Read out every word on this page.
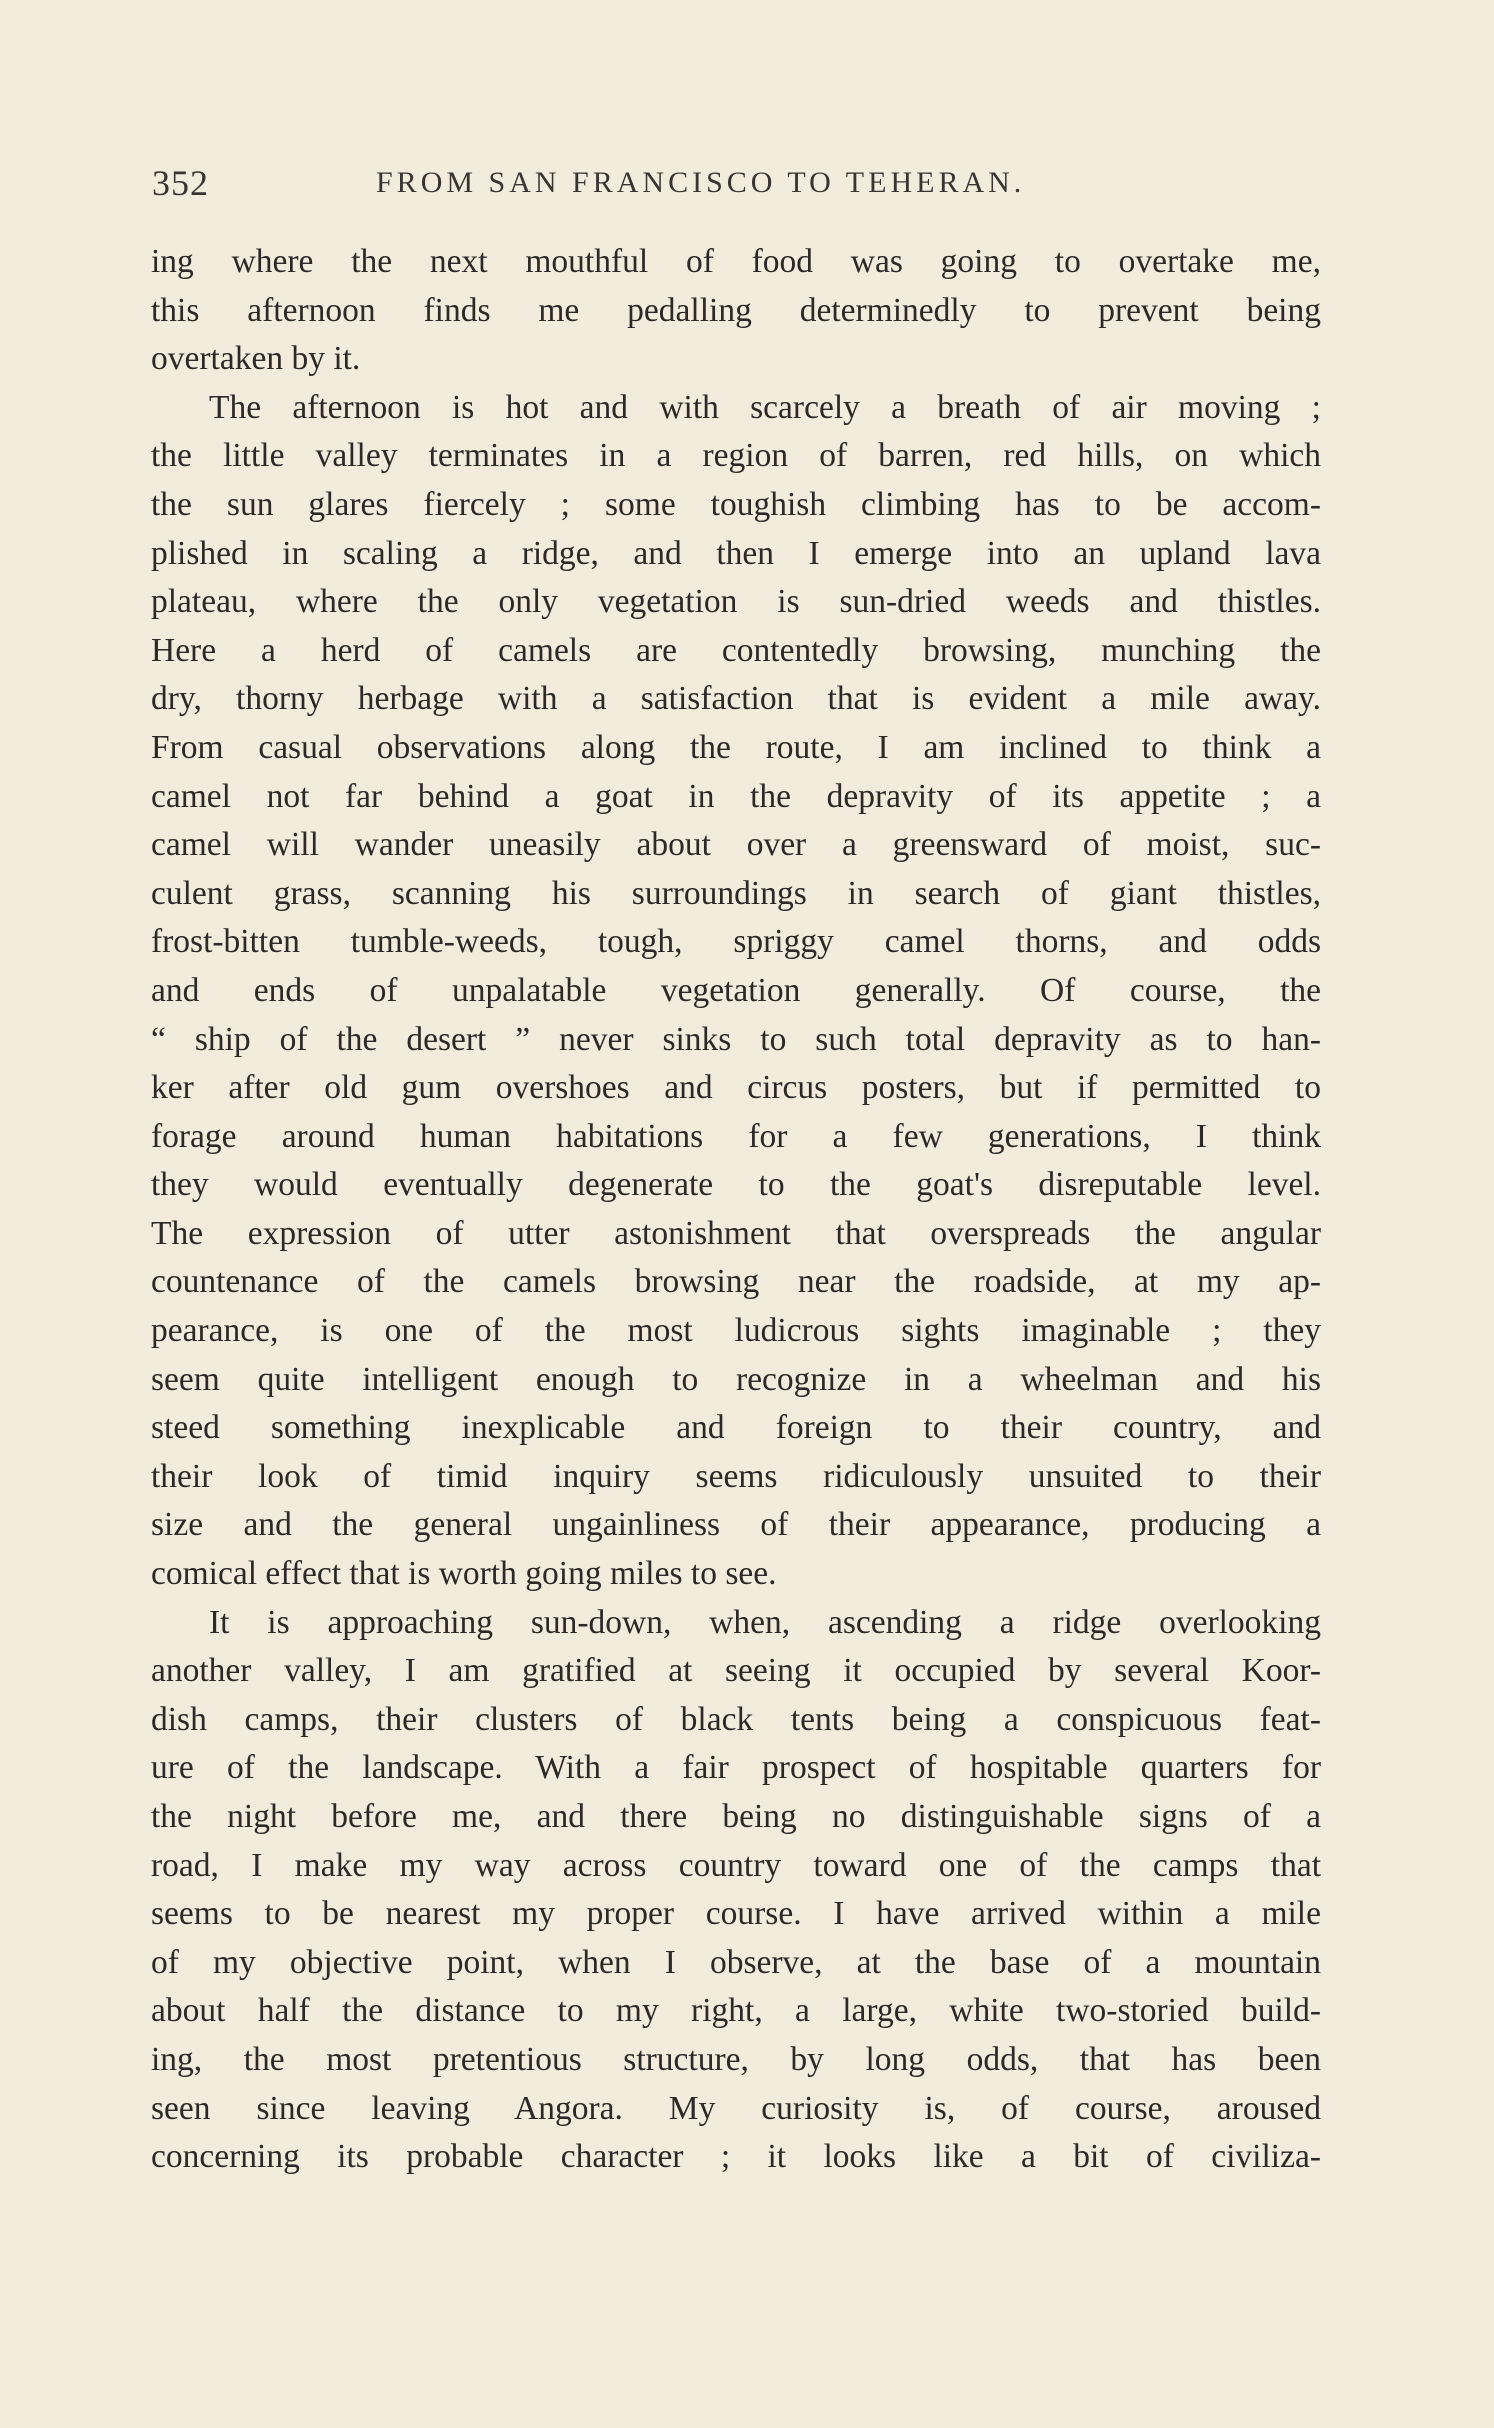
352	FROM SAN FRANCISCO TO TEHERAN.
ing where the next mouthful of food was going to overtake me,
this afternoon finds me pedalling determinedly to prevent being
overtaken by it.
The afternoon is hot and with scarcely a breath of air moving ;
the little valley terminates in a region of barren, red hills, on which
the sun glares fiercely ; some toughish climbing has to be accom-
plished in scaling a ridge, and then I emerge into an upland lava
plateau, where the only vegetation is sun-dried weeds and thistles.
Here a herd of camels are contentedly browsing, munching the
dry, thorny herbage with a satisfaction that is evident a mile away.
From casual observations along the route, I am inclined to think a
camel not far behind a goat in the depravity of its appetite ; a
camel will wander uneasily about over a greensward of moist, suc-
culent grass, scanning his surroundings in search of giant thistles,
frost-bitten tumble-weeds, tough, spriggy camel thorns, and odds
and ends of unpalatable vegetation generally. Of course, the
“ ship of the desert ” never sinks to such total depravity as to han-
ker after old gum overshoes and circus posters, but if permitted to
forage around human habitations for a few generations, I think
they would eventually degenerate to the goat's disreputable level.
The expression of utter astonishment that overspreads the angular
countenance of the camels browsing near the roadside, at my ap-
pearance, is one of the most ludicrous sights imaginable ; they
seem quite intelligent enough to recognize in a wheelman and his
steed something inexplicable and foreign to their country, and
their look of timid inquiry seems ridiculously unsuited to their
size and the general ungainliness of their appearance, producing a
comical effect that is worth going miles to see.
It is approaching sun-down, when, ascending a ridge overlooking
another valley, I am gratified at seeing it occupied by several Koor-
dish camps, their clusters of black tents being a conspicuous feat-
ure of the landscape. With a fair prospect of hospitable quarters for
the night before me, and there being no distinguishable signs of a
road, I make my way across country toward one of the camps that
seems to be nearest my proper course. I have arrived within a mile
of my objective point, when I observe, at the base of a mountain
about half the distance to my right, a large, white two-storied build-
ing, the most pretentious structure, by long odds, that has been
seen since leaving Angora. My curiosity is, of course, aroused
concerning its probable character ; it looks like a bit of civiliza-
